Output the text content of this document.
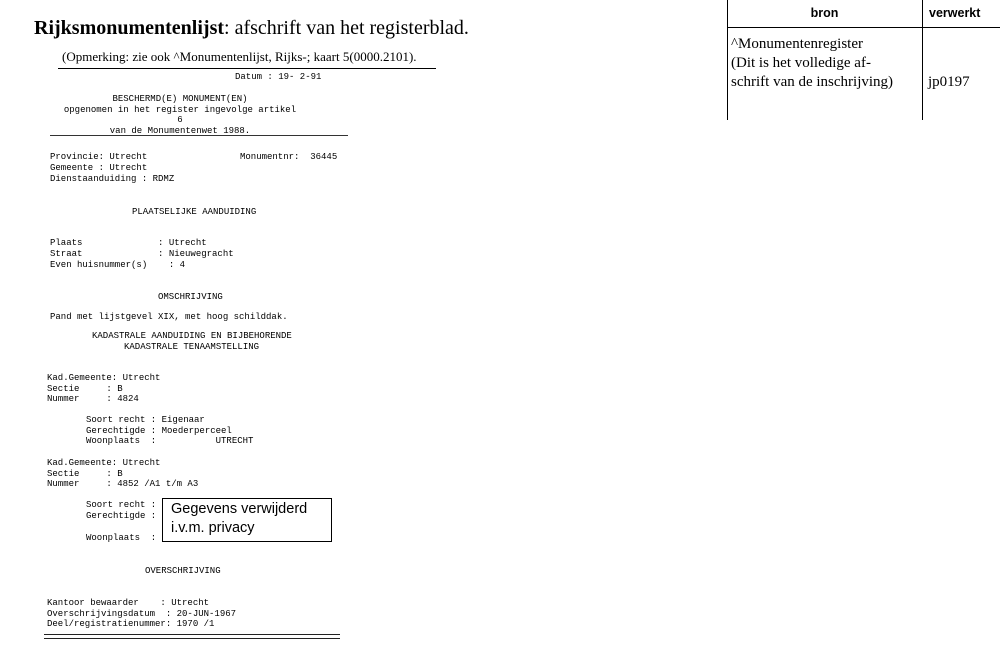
Rijksmonumentenlijst: afschrift van het registerblad.
(Opmerking: zie ook ^Monumentenlijst, Rijks-; kaart 5(0000.2101).
Datum : 19- 2-91
BESCHERMD(E) MONUMENT(EN)
opgenomen in het register ingevolge artikel 6
van de Monumentenwet 1988.
Provincie: Utrecht	Monumentnr:  36445
Gemeente : Utrecht
Dienstaanduiding : RDMZ
PLAATSELIJKE AANDUIDING
Plaats              : Utrecht
Straat              : Nieuwegracht
Even huisnummer(s)    : 4
OMSCHRIJVING
Pand met lijstgevel XIX, met hoog schilddak.
KADASTRALE AANDUIDING EN BIJBEHORENDE
KADASTRALE TENAAMSTELLING
Kad.Gemeente: Utrecht
Sectie     : B
Nummer     : 4824
Soort recht : Eigenaar
Gerechtigde : Moederperceel
Woonplaats  :           UTRECHT
Kad.Gemeente: Utrecht
Sectie     : B
Nummer     : 4852 /A1 t/m A3
Soort recht :
Gerechtigde :
Woonplaats  :
Gegevens verwijderd
i.v.m. privacy
OVERSCHRIJVING
Kantoor bewaarder    : Utrecht
Overschrijvingsdatum  : 20-JUN-1967
Deel/registratienummer: 1970 /1
bron	verwerkt
^Monumentenregister
(Dit is het volledige af-
schrift van de inschrijving) jp0197
